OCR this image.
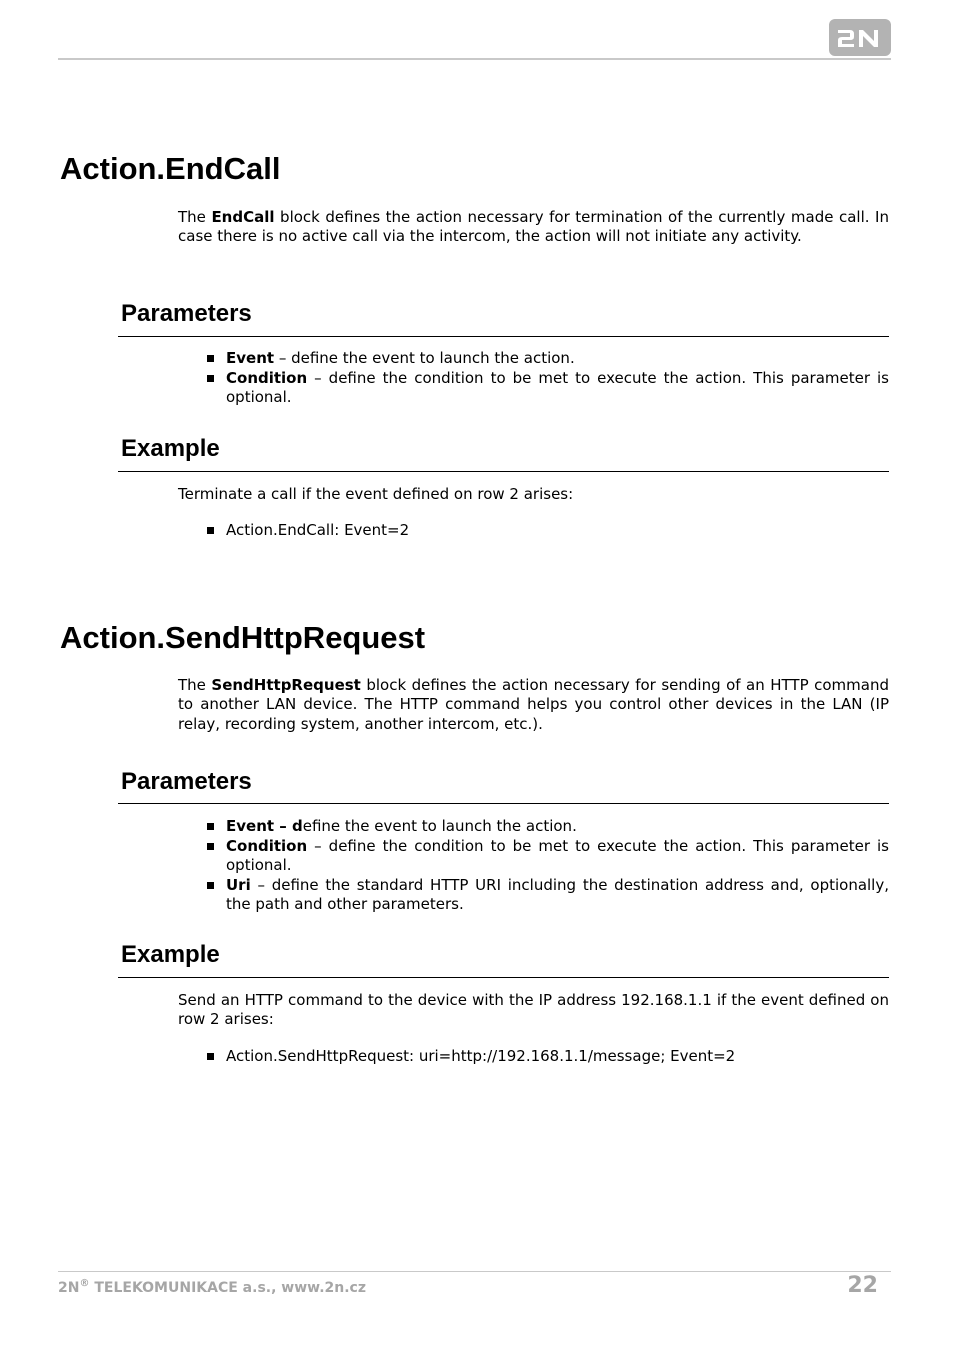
Action.EndCall

The EndCall block defines the action necessary for termination of the currently made call. In case there is no active call via the intercom, the action will not initiate any activity.

Parameters
Event – define the event to launch the action.
Condition – define the condition to be met to execute the action. This parameter is optional.
Example

Terminate a call if the event defined on row 2 arises:

Action.EndCall: Event=2
Action.SendHttpRequest

The SendHttpRequest block defines the action necessary for sending of an HTTP command to another LAN device. The HTTP command helps you control other devices in the LAN (IP relay, recording system, another intercom, etc.).

Parameters
Event – define the event to launch the action.
Condition – define the condition to be met to execute the action. This parameter is optional.
Uri – define the standard HTTP URI including the destination address and, optionally, the path and other parameters.
Example

Send an HTTP command to the device with the IP address 192.168.1.1 if the event defined on row 2 arises:

Action.SendHttpRequest: uri=http://192.168.1.1/message; Event=2
2N® TELEKOMUNIKACE a.s., www.2n.cz	22
